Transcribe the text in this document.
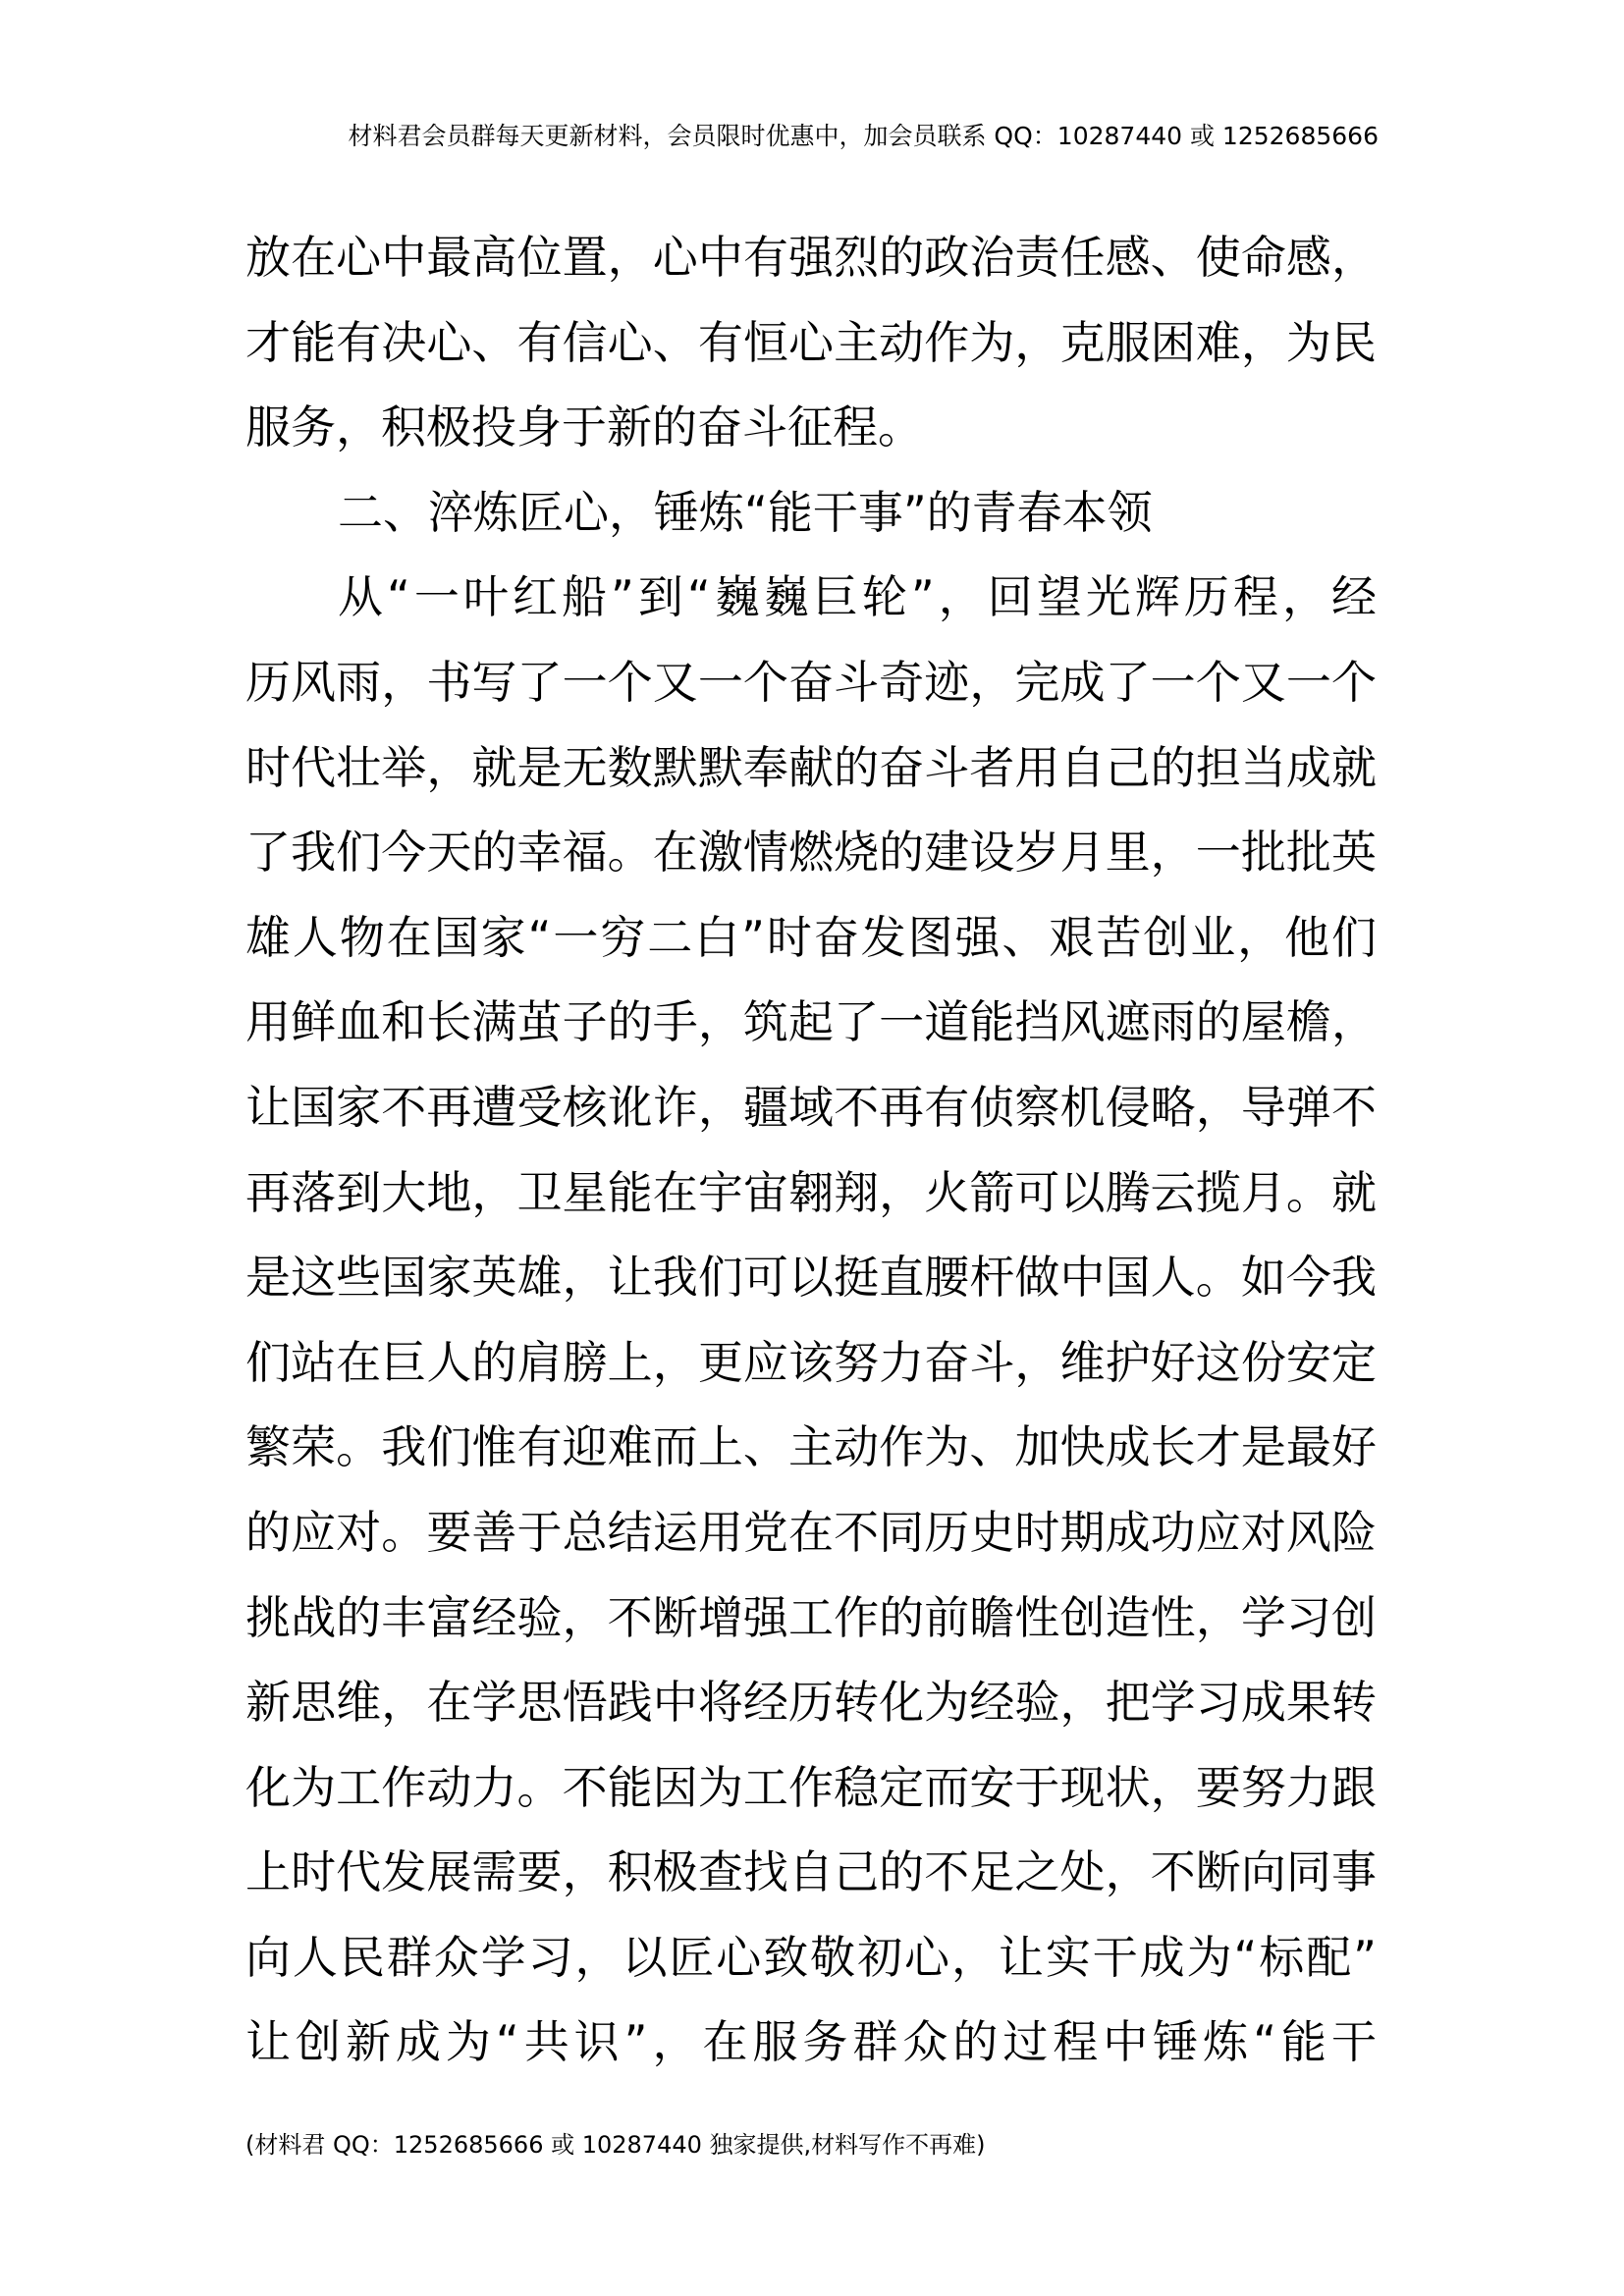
材料君会员群每天更新材料，会员限时优惠中，加会员联系 QQ：10287440 或 1252685666
放在心中最高位置，心中有强烈的政治责任感、使命感，
才能有决心、有信心、有恒心主动作为，克服困难，为民
服务，积极投身于新的奋斗征程。
二、淬炼匠心，锤炼“能干事”的青春本领
从“一叶红船”到“巍巍巨轮”，回望光辉历程，经
历风雨，书写了一个又一个奋斗奇迹，完成了一个又一个
时代壮举，就是无数默默奉献的奋斗者用自己的担当成就
了我们今天的幸福。在激情燃烧的建设岁月里，一批批英
雄人物在国家“一穷二白”时奋发图强、艰苦创业，他们
用鲜血和长满茧子的手，筑起了一道能挡风遮雨的屋檐，
让国家不再遭受核讹诈，疆域不再有侦察机侵略，导弹不
再落到大地，卫星能在宇宙翱翔，火箭可以腾云揽月。就
是这些国家英雄，让我们可以挺直腰杆做中国人。如今我
们站在巨人的肩膀上，更应该努力奋斗，维护好这份安定
繁荣。我们惟有迎难而上、主动作为、加快成长才是最好
的应对。要善于总结运用党在不同历史时期成功应对风险
挑战的丰富经验，不断增强工作的前瞻性创造性，学习创
新思维，在学思悟践中将经历转化为经验，把学习成果转
化为工作动力。不能因为工作稳定而安于现状，要努力跟
上时代发展需要，积极查找自己的不足之处，不断向同事
向人民群众学习，以匠心致敬初心，让实干成为“标配”
让创新成为“共识”，在服务群众的过程中锤炼“能干
(材料君 QQ：1252685666 或 10287440 独家提供,材料写作不再难)
